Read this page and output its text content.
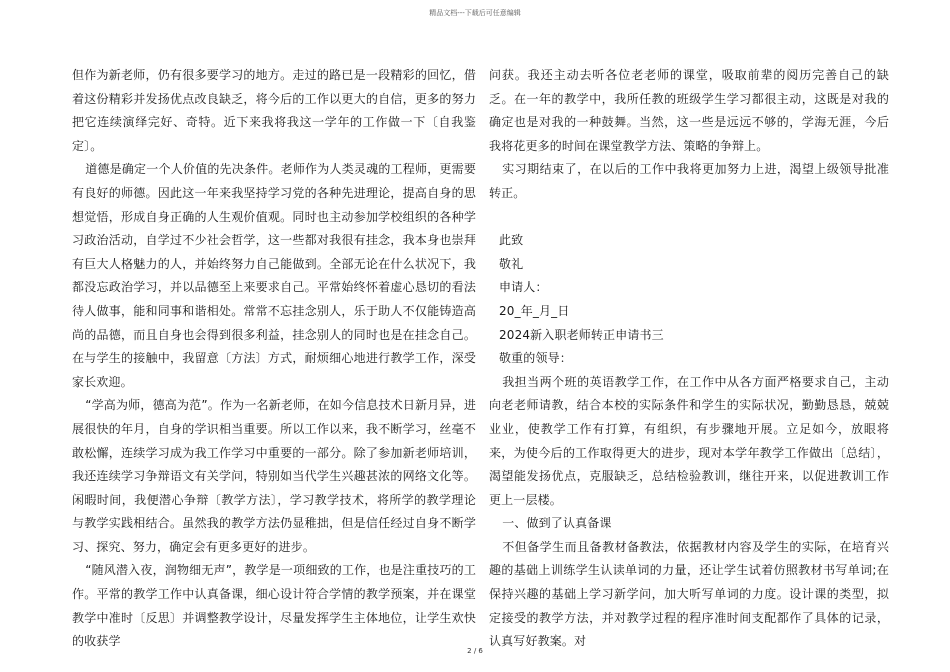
精品文档---下载后可任意编辑

但作为新老师，仍有很多要学习的地方。走过的路已是一段精彩的回忆，借着这份精彩并发扬优点改良缺乏，将今后的工作以更大的自信，更多的努力把它连续演绎完好、奇特。近下来我将我这一学年的工作做一下〔自我鉴定〕。

道德是确定一个人价值的先决条件。老师作为人类灵魂的工程师，更需要有良好的师德。因此这一年来我坚持学习党的各种先进理论，提高自身的思想觉悟，形成自身正确的人生观价值观。同时也主动参加学校组织的各种学习政治活动，自学过不少社会哲学，这一些都对我很有挂念，我本身也崇拜有巨大人格魅力的人，并始终努力自己能做到。全部无论在什么状况下，我都没忘政治学习，并以品德至上来要求自己。平常始终怀着虚心恳切的看法待人做事，能和同事和谐相处。常常不忘挂念别人，乐于助人不仅能铸造高尚的品德，而且自身也会得到很多利益，挂念别人的同时也是在挂念自己。在与学生的接触中，我留意〔方法〕方式，耐烦细心地进行教学工作，深受家长欢迎。

“学高为师，德高为范”。作为一名新老师，在如今信息技术日新月异，进展很快的年月，自身的学识相当重要。所以工作以来，我不断学习，丝毫不敢松懈，连续学习成为我工作学习中重要的一部分。除了参加新老师培训，我还连续学习争辩语文有关学问，特别如当代学生兴趣甚浓的网络文化等。闲暇时间，我便潜心争辩〔教学方法〕，学习教学技术，将所学的教学理论与教学实践相结合。虽然我的教学方法仍显稚拙，但是信任经过自身不断学习、探究、努力，确定会有更多更好的进步。

“随风潜入夜，润物细无声”，教学是一项细致的工作，也是注重技巧的工作。平常的教学工作中认真备课，细心设计符合学情的教学预案，并在课堂教学中准时〔反思〕并调整教学设计，尽量发挥学生主体地位，让学生欢快的收获学

问获。我还主动去听各位老老师的课堂，吸取前辈的阅历完善自己的缺乏。在一年的教学中，我所任教的班级学生学习都很主动，这既是对我的确定也是对我的一种鼓舞。当然，这一些是远远不够的，学海无涯，今后我将花更多的时间在课堂教学方法、策略的争辩上。

实习期结束了，在以后的工作中我将更加努力上进，渴望上级领导批准转正。

此致

敬礼

申请人：

20_年_月_日

2024新入职老师转正申请书三

敬重的领导：

我担当两个班的英语教学工作，在工作中从各方面严格要求自己，主动向老老师请教，结合本校的实际条件和学生的实际状况，勤勤恳恳，兢兢业业，使教学工作有打算，有组织，有步骤地开展。立足如今，放眼将来，为使今后的工作取得更大的进步，现对本学年教学工作做出〔总结〕，渴望能发扬优点，克服缺乏，总结检验教训，继往开来，以促进教训工作更上一层楼。

一、做到了认真备课

不但备学生而且备教材备教法，依据教材内容及学生的实际，在培育兴趣的基础上训练学生认读单词的力量，还让学生试着仿照教材书写单词;在保持兴趣的基础上学习新学问，加大听写单词的力度。设计课的类型，拟定接受的教学方法，并对教学过程的程序准时间支配都作了具体的记录，认真写好教案。对

2 / 6
